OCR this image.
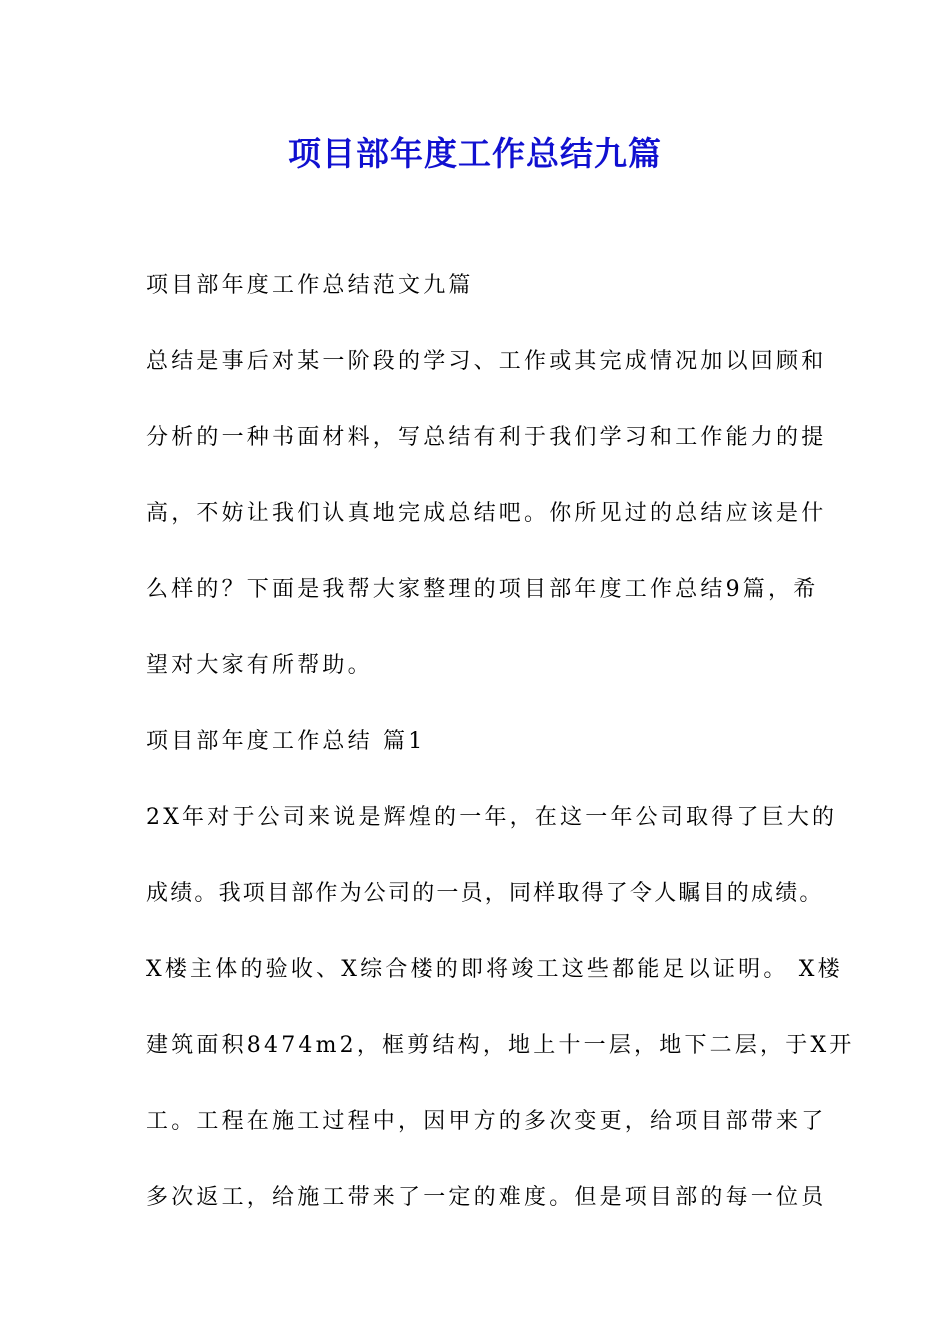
项目部年度工作总结九篇

项目部年度工作总结范文九篇

总结是事后对某一阶段的学习、工作或其完成情况加以回顾和

分析的一种书面材料，写总结有利于我们学习和工作能力的提

高，不妨让我们认真地完成总结吧。你所见过的总结应该是什

么样的？下面是我帮大家整理的项目部年度工作总结9篇，希

望对大家有所帮助。

项目部年度工作总结 篇1

2X年对于公司来说是辉煌的一年，在这一年公司取得了巨大的

成绩。我项目部作为公司的一员，同样取得了令人瞩目的成绩。

X楼主体的验收、X综合楼的即将竣工这些都能足以证明。 X楼

建筑面积8474m2，框剪结构，地上十一层，地下二层，于X开

工。工程在施工过程中，因甲方的多次变更，给项目部带来了

多次返工，给施工带来了一定的难度。但是项目部的每一位员
